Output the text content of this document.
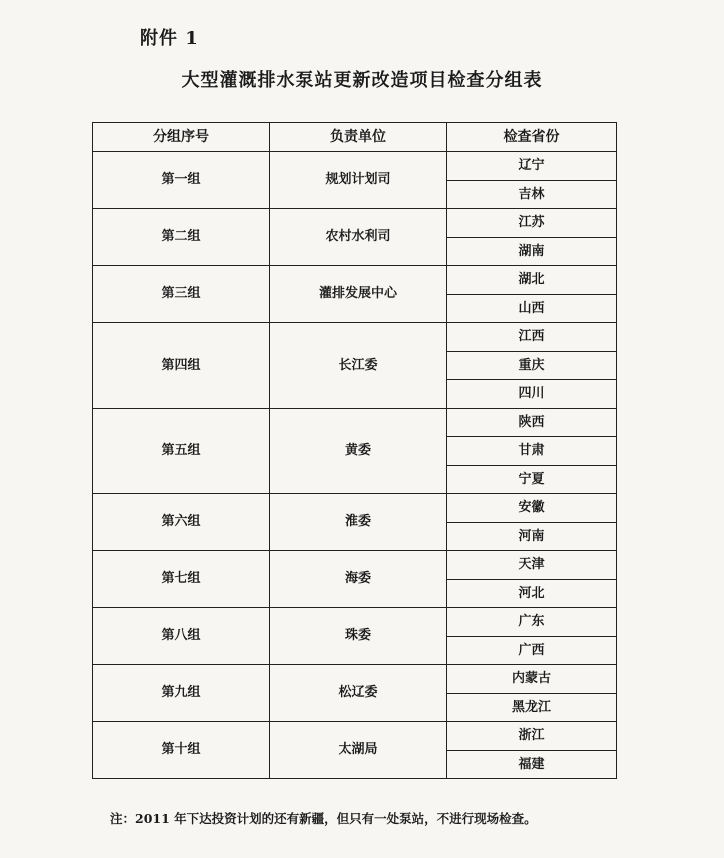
附件 1
大型灌溉排水泵站更新改造项目检查分组表
分组序号	负责单位	检查省份
第一组	规划计划司	辽宁
		吉林
第二组	农村水利司	江苏
		湖南
第三组	灌排发展中心	湖北
		山西
第四组	长江委	江西
		重庆
		四川
第五组	黄委	陕西
		甘肃
		宁夏
第六组	淮委	安徽
		河南
第七组	海委	天津
		河北
第八组	珠委	广东
		广西
第九组	松辽委	内蒙古
		黑龙江
第十组	太湖局	浙江
		福建
注：2011 年下达投资计划的还有新疆，但只有一处泵站，不进行现场检查。
